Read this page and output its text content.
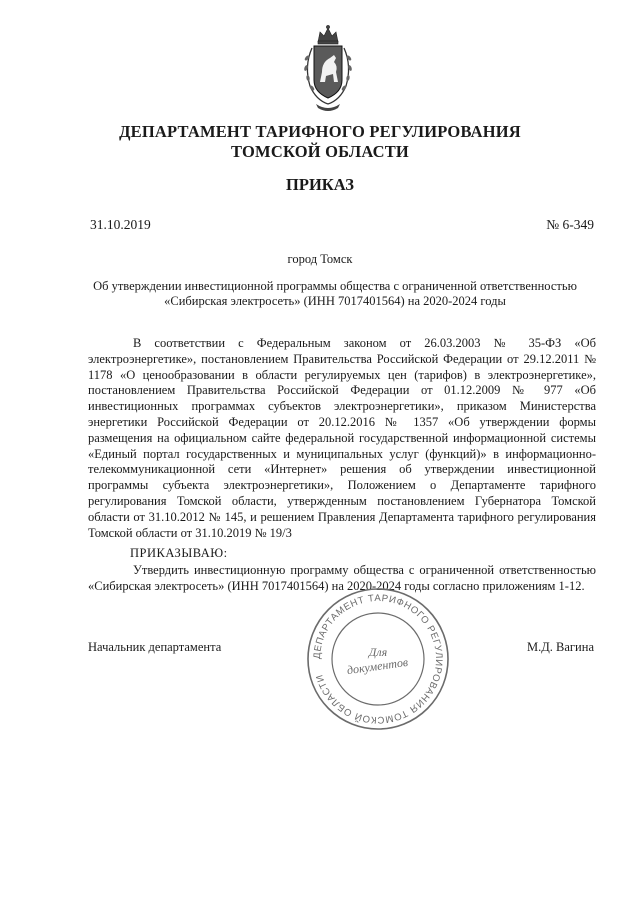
ДЕПАРТАМЕНТ ТАРИФНОГО РЕГУЛИРОВАНИЯ
ТОМСКОЙ ОБЛАСТИ
ПРИКАЗ
31.10.2019	№ 6-349
город Томск
Об утверждении инвестиционной программы общества с ограниченной ответственностью
«Сибирская электросеть» (ИНН 7017401564) на 2020-2024 годы
В соответствии с Федеральным законом от 26.03.2003 № 35-ФЗ «Об электроэнергетике», постановлением Правительства Российской Федерации от 29.12.2011 № 1178 «О ценообразовании в области регулируемых цен (тарифов) в электроэнергетике», постановлением Правительства Российской Федерации от 01.12.2009 № 977 «Об инвестиционных программах субъектов электроэнергетики», приказом Министерства энергетики Российской Федерации от 20.12.2016 № 1357 «Об утверждении формы размещения на официальном сайте федеральной государственной информационной системы «Единый портал государственных и муниципальных услуг (функций)» в информационно-телекоммуникационной сети «Интернет» решения об утверждении инвестиционной программы субъекта электроэнергетики», Положением о Департаменте тарифного регулирования Томской области, утвержденным постановлением Губернатора Томской области от 31.10.2012 № 145, и решением Правления Департамента тарифного регулирования Томской области от 31.10.2019 № 19/3
ПРИКАЗЫВАЮ:
Утвердить инвестиционную программу общества с ограниченной ответственностью «Сибирская электросеть» (ИНН 7017401564) на 2020-2024 годы согласно приложениям 1-12.
Начальник департамента	М.Д. Вагина
ДЕПАРТАМЕНТ ТАРИФНОГО РЕГУЛИРОВАНИЯ ТОМСКОЙ ОБЛАСТИ
Для
документов
